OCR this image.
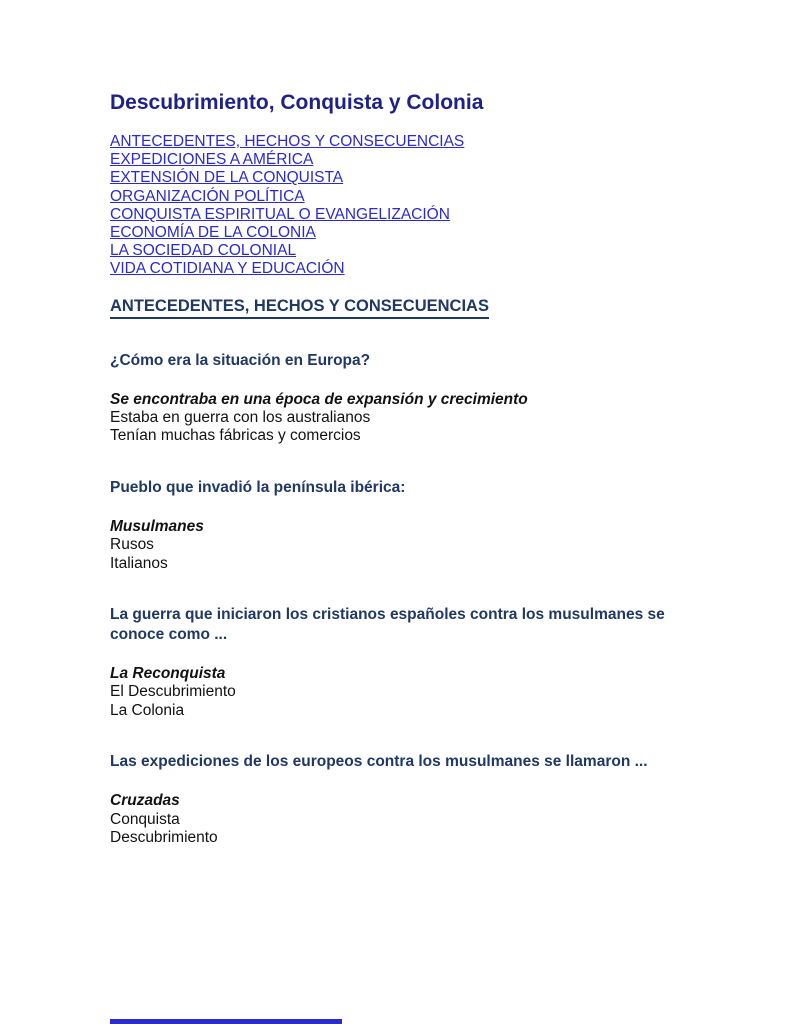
Descubrimiento, Conquista y Colonia

ANTECEDENTES, HECHOS Y CONSECUENCIAS

EXPEDICIONES A AMÉRICA

EXTENSIÓN DE LA CONQUISTA

ORGANIZACIÓN POLÍTICA

CONQUISTA ESPIRITUAL O EVANGELIZACIÓN

ECONOMÍA DE LA COLONIA

LA SOCIEDAD COLONIAL

VIDA COTIDIANA Y EDUCACIÓN

ANTECEDENTES, HECHOS Y CONSECUENCIAS

¿Cómo era la situación en Europa?

Se encontraba en una época de expansión y crecimiento

Estaba en guerra con los australianos

Tenían muchas fábricas y comercios

Pueblo que invadió la península ibérica:

Musulmanes

Rusos

Italianos

La guerra que iniciaron los cristianos españoles contra los musulmanes se conoce como ...

La Reconquista

El Descubrimiento

La Colonia

Las expediciones de los europeos contra los musulmanes se llamaron ...

Cruzadas

Conquista

Descubrimiento
